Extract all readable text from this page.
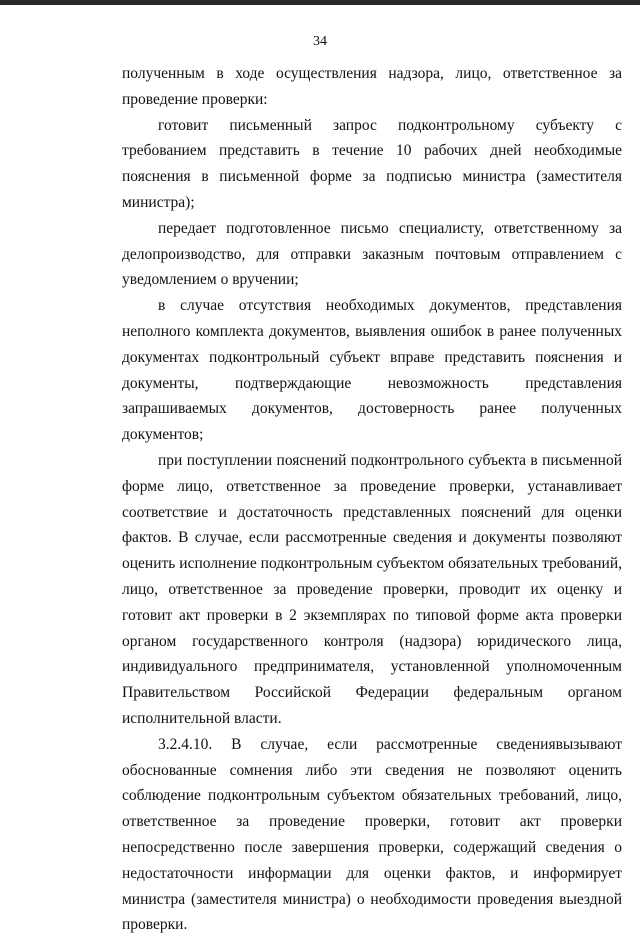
34

полученным в ходе осуществления надзора, лицо, ответственное за проведение проверки:

готовит письменный запрос подконтрольному субъекту с требованием представить в течение 10 рабочих дней необходимые пояснения в письменной форме за подписью министра (заместителя министра);

передает подготовленное письмо специалисту, ответственному за делопроизводство, для отправки заказным почтовым отправлением с уведомлением о вручении;

в случае отсутствия необходимых документов, представления неполного комплекта документов, выявления ошибок в ранее полученных документах подконтрольный субъект вправе представить пояснения и документы, подтверждающие невозможность представления запрашиваемых документов, достоверность ранее полученных документов;

при поступлении пояснений подконтрольного субъекта в письменной форме лицо, ответственное за проведение проверки, устанавливает соответствие и достаточность представленных пояснений для оценки фактов. В случае, если рассмотренные сведения и документы позволяют оценить исполнение подконтрольным субъектом обязательных требований, лицо, ответственное за проведение проверки, проводит их оценку и готовит акт проверки в 2 экземплярах по типовой форме акта проверки органом государственного контроля (надзора) юридического лица, индивидуального предпринимателя, установленной уполномоченным Правительством Российской Федерации федеральным органом исполнительной власти.

3.2.4.10. В случае, если рассмотренные сведениявызывают обоснованные сомнения либо эти сведения не позволяют оценить соблюдение подконтрольным субъектом обязательных требований, лицо, ответственное за проведение проверки, готовит акт проверки непосредственно после завершения проверки, содержащий сведения о недостаточности информации для оценки фактов, и информирует министра (заместителя министра) о необходимости проведения выездной проверки.
